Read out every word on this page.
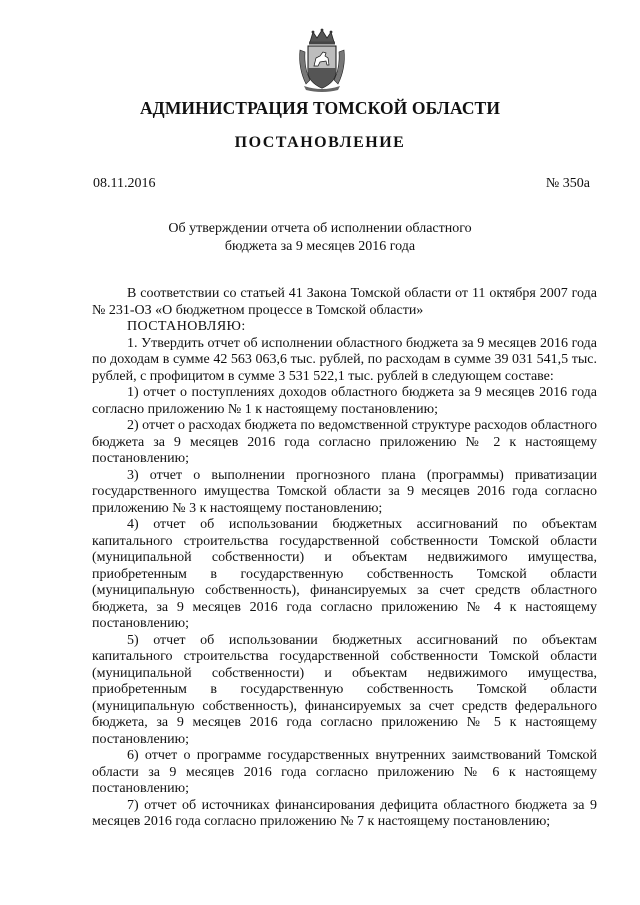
АДМИНИСТРАЦИЯ ТОМСКОЙ ОБЛАСТИ
ПОСТАНОВЛЕНИЕ
08.11.2016	№ 350а
Об утверждении отчета об исполнении областного
бюджета за 9 месяцев 2016 года

В соответствии со статьей 41 Закона Томской области от 11 октября 2007 года № 231-ОЗ «О бюджетном процессе в Томской области»

ПОСТАНОВЛЯЮ:

1. Утвердить отчет об исполнении областного бюджета за 9 месяцев 2016 года по доходам в сумме 42 563 063,6 тыс. рублей, по расходам в сумме 39 031 541,5 тыс. рублей, с профицитом в сумме 3 531 522,1 тыс. рублей в следующем составе:

1) отчет о поступлениях доходов областного бюджета за 9 месяцев 2016 года согласно приложению № 1 к настоящему постановлению;

2) отчет о расходах бюджета по ведомственной структуре расходов областного бюджета за 9 месяцев 2016 года согласно приложению № 2 к настоящему постановлению;

3) отчет о выполнении прогнозного плана (программы) приватизации государственного имущества Томской области за 9 месяцев 2016 года согласно приложению № 3 к настоящему постановлению;

4) отчет об использовании бюджетных ассигнований по объектам капитального строительства государственной собственности Томской области (муниципальной собственности) и объектам недвижимого имущества, приобретенным в государственную собственность Томской области (муниципальную собственность), финансируемых за счет средств областного бюджета, за 9 месяцев 2016 года согласно приложению № 4 к настоящему постановлению;

5) отчет об использовании бюджетных ассигнований по объектам капитального строительства государственной собственности Томской области (муниципальной собственности) и объектам недвижимого имущества, приобретенным в государственную собственность Томской области (муниципальную собственность), финансируемых за счет средств федерального бюджета, за 9 месяцев 2016 года согласно приложению № 5 к настоящему постановлению;

6) отчет о программе государственных внутренних заимствований Томской области за 9 месяцев 2016 года согласно приложению № 6 к настоящему постановлению;

7) отчет об источниках финансирования дефицита областного бюджета за 9 месяцев 2016 года согласно приложению № 7 к настоящему постановлению;
